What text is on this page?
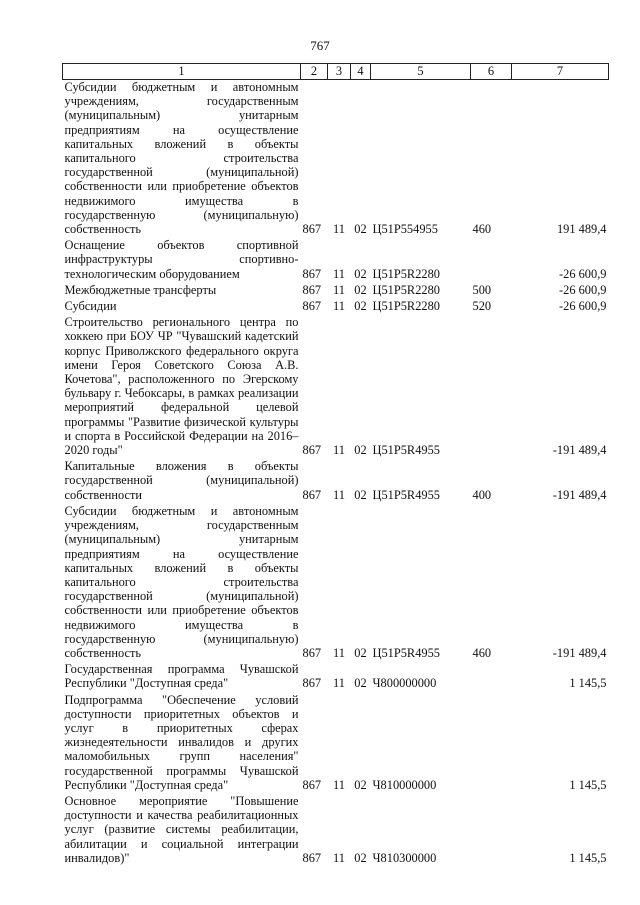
767
1	2	3	4	5	6	7
Субсидии бюджетным и автономным учреждениям, государственным (муниципальным) унитарным предприятиям на осуществление капитальных вложений в объекты капитального строительства государственной (муниципальной) собственности или приобретение объектов недвижимого имущества в государственную (муниципальную) собственность	867	11	02	Ц51P554955	460	191 489,4
Оснащение объектов спортивной инфраструктуры спортивно-технологическим оборудованием	867	11	02	Ц51P5R2280		-26 600,9
Межбюджетные трансферты	867	11	02	Ц51P5R2280	500	-26 600,9
Субсидии	867	11	02	Ц51P5R2280	520	-26 600,9
Строительство регионального центра по хоккею при БОУ ЧР "Чувашский кадетский корпус Приволжского федерального округа имени Героя Советского Союза А.В. Кочетова", расположенного по Эгерскому бульвару г. Чебоксары, в рамках реализации мероприятий федеральной целевой программы "Развитие физической культуры и спорта в Российской Федерации на 2016–2020 годы"	867	11	02	Ц51P5R4955		-191 489,4
Капитальные вложения в объекты государственной (муниципальной) собственности	867	11	02	Ц51P5R4955	400	-191 489,4
Субсидии бюджетным и автономным учреждениям, государственным (муниципальным) унитарным предприятиям на осуществление капитальных вложений в объекты капитального строительства государственной (муниципальной) собственности или приобретение объектов недвижимого имущества в государственную (муниципальную) собственность	867	11	02	Ц51P5R4955	460	-191 489,4
Государственная программа Чувашской Республики "Доступная среда"	867	11	02	Ч800000000		1 145,5
Подпрограмма "Обеспечение условий доступности приоритетных объектов и услуг в приоритетных сферах жизнедеятельности инвалидов и других маломобильных групп населения" государственной программы Чувашской Республики "Доступная среда"	867	11	02	Ч810000000		1 145,5
Основное мероприятие "Повышение доступности и качества реабилитационных услуг (развитие системы реабилитации, абилитации и социальной интеграции инвалидов)"	867	11	02	Ч810300000		1 145,5
